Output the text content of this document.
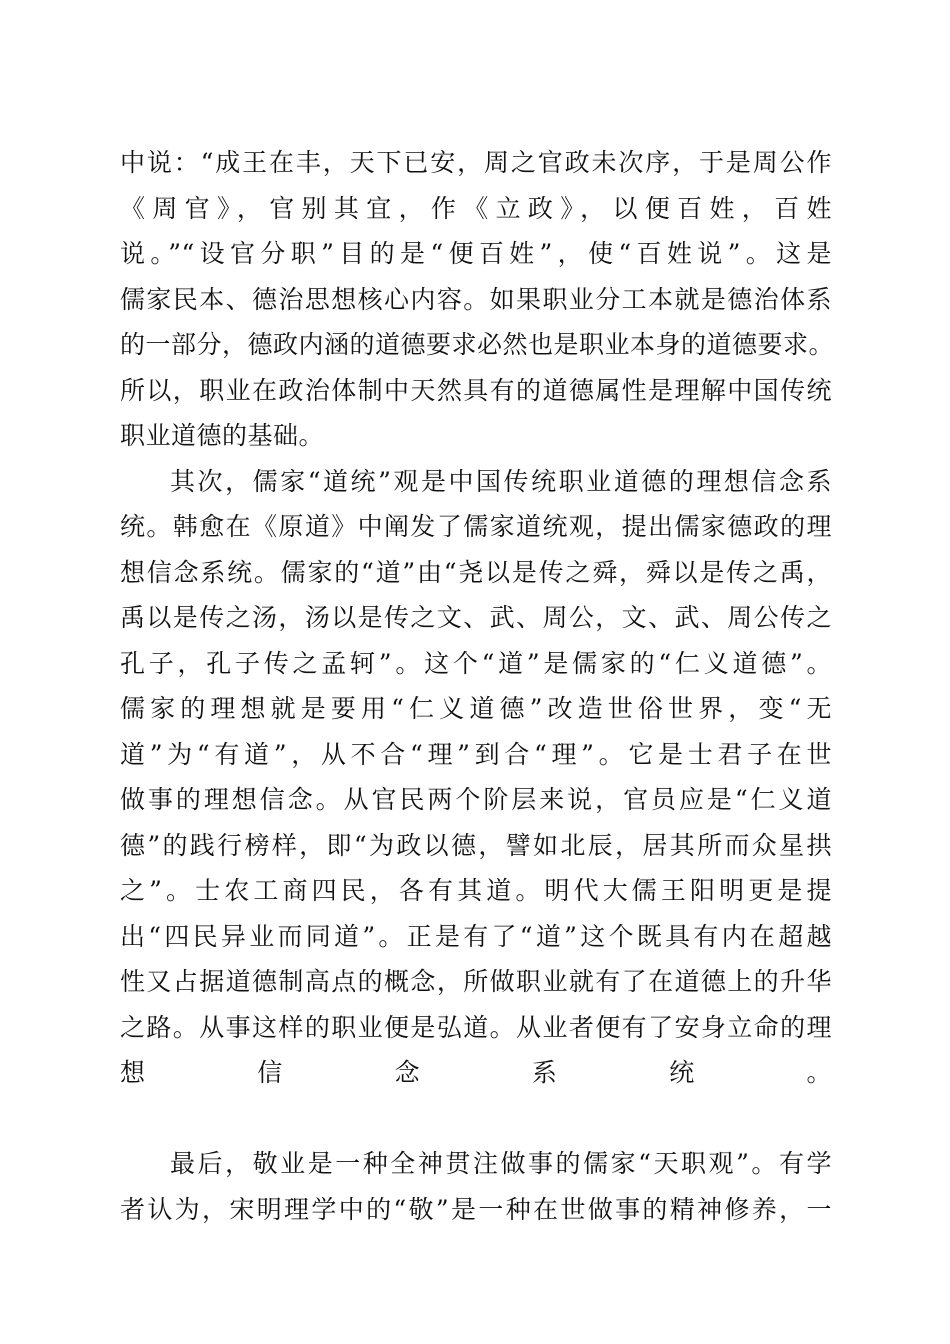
中说：“成王在丰，天下已安，周之官政未次序，于是周公作
《周官》，官别其宜，作《立政》，以便百姓，百姓
说。”“设官分职”目的是“便百姓”，使“百姓说”。这是
儒家民本、德治思想核心内容。如果职业分工本就是德治体系
的一部分，德政内涵的道德要求必然也是职业本身的道德要求。
所以，职业在政治体制中天然具有的道德属性是理解中国传统
职业道德的基础。
其次，儒家“道统”观是中国传统职业道德的理想信念系
统。韩愈在《原道》中阐发了儒家道统观，提出儒家德政的理
想信念系统。儒家的“道”由“尧以是传之舜，舜以是传之禹，
禹以是传之汤，汤以是传之文、武、周公，文、武、周公传之
孔子，孔子传之孟轲”。这个“道”是儒家的“仁义道德”。
儒家的理想就是要用“仁义道德”改造世俗世界，变“无
道”为“有道”，从不合“理”到合“理”。它是士君子在世
做事的理想信念。从官民两个阶层来说，官员应是“仁义道
德”的践行榜样，即“为政以德，譬如北辰，居其所而众星拱
之”。士农工商四民，各有其道。明代大儒王阳明更是提
出“四民异业而同道”。正是有了“道”这个既具有内在超越
性又占据道德制高点的概念，所做职业就有了在道德上的升华
之路。从事这样的职业便是弘道。从业者便有了安身立命的理
想信念系统。
最后，敬业是一种全神贯注做事的儒家“天职观”。有学
者认为，宋明理学中的“敬”是一种在世做事的精神修养，一
